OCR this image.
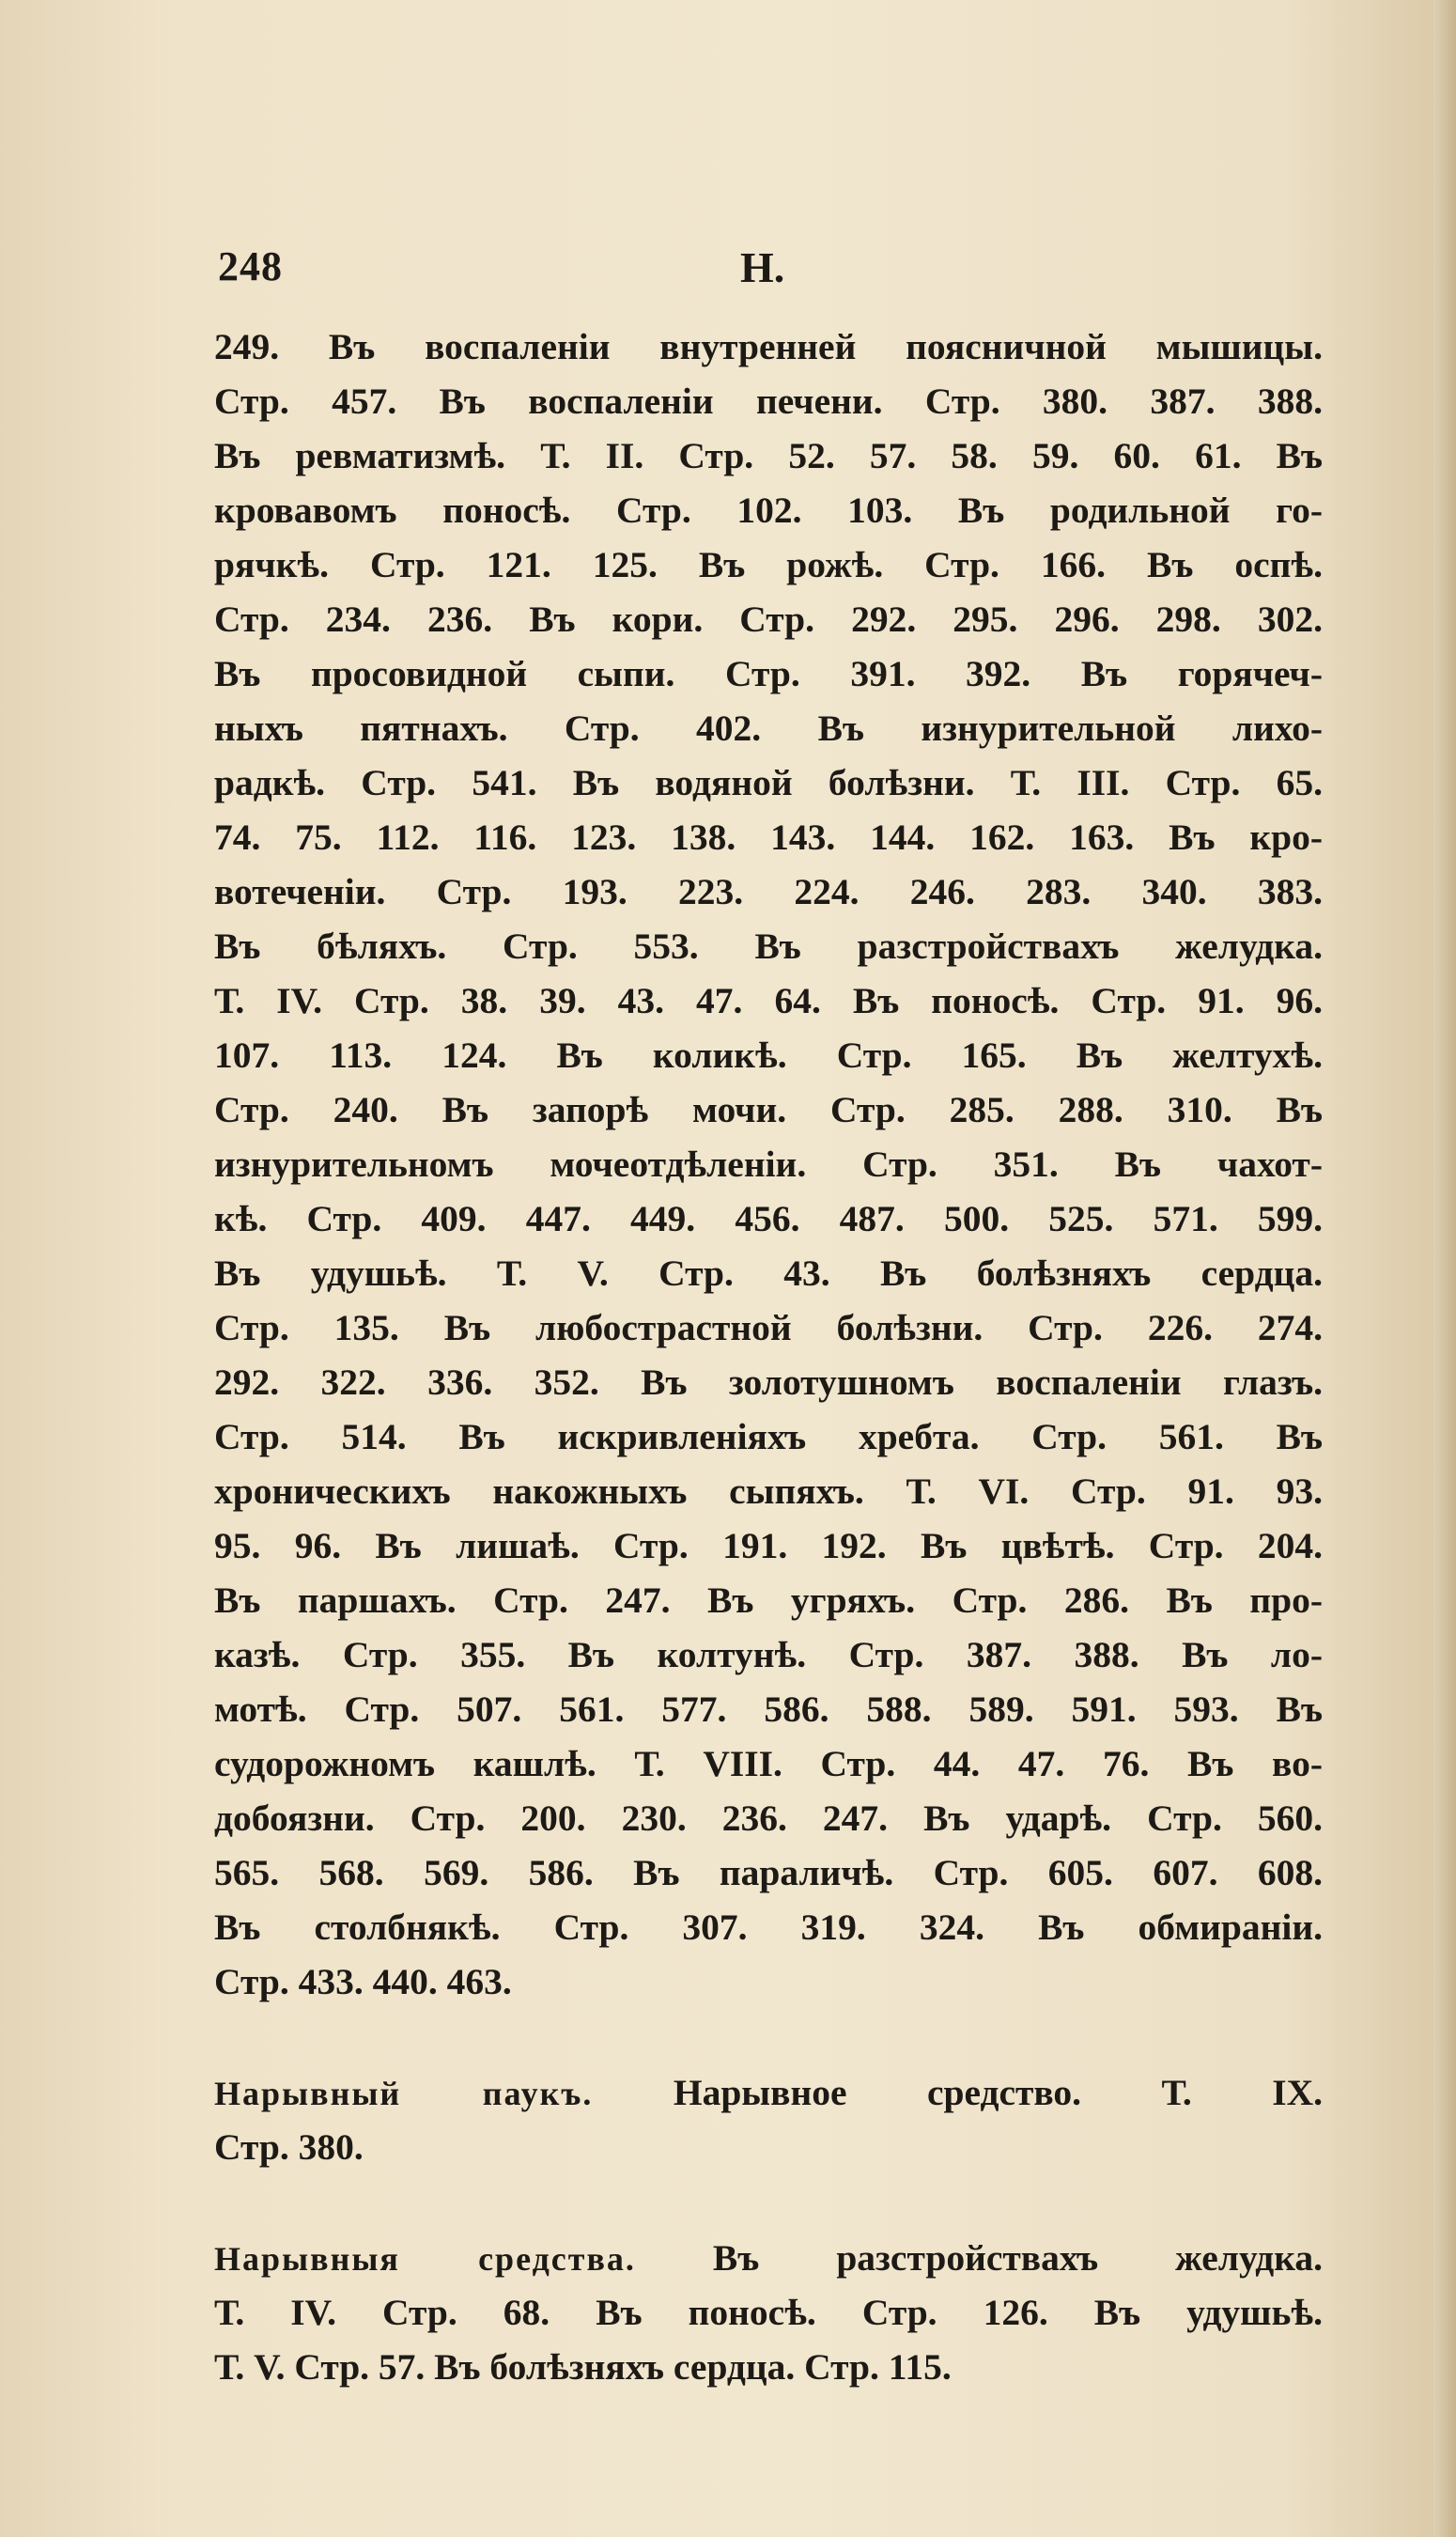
248	Н.
249. Въ воспаленіи внутренней поясничной мышицы.
Стр. 457. Въ воспаленіи печени. Стр. 380. 387. 388.
Въ ревматизмѣ. Т. II. Стр. 52. 57. 58. 59. 60. 61. Въ
кровавомъ поносѣ. Стр. 102. 103. Въ родильной го-
рячкѣ. Стр. 121. 125. Въ рожѣ. Стр. 166. Въ оспѣ.
Стр. 234. 236. Въ кори. Стр. 292. 295. 296. 298. 302.
Въ просовидной сыпи. Стр. 391. 392. Въ горячеч-
ныхъ пятнахъ. Стр. 402. Въ изнурительной лихо-
радкѣ. Стр. 541. Въ водяной болѣзни. Т. III. Стр. 65.
74. 75. 112. 116. 123. 138. 143. 144. 162. 163. Въ кро-
вотеченіи. Стр. 193. 223. 224. 246. 283. 340. 383.
Въ бѣляхъ. Стр. 553. Въ разстройствахъ желудка.
Т. IV. Стр. 38. 39. 43. 47. 64. Въ поносѣ. Стр. 91. 96.
107. 113. 124. Въ коликѣ. Стр. 165. Въ желтухѣ.
Стр. 240. Въ запорѣ мочи. Стр. 285. 288. 310. Въ
изнурительномъ мочеотдѣленіи. Стр. 351. Въ чахот-
кѣ. Стр. 409. 447. 449. 456. 487. 500. 525. 571. 599.
Въ удушьѣ. Т. V. Стр. 43. Въ болѣзняхъ сердца.
Стр. 135. Въ любострастной болѣзни. Стр. 226. 274.
292. 322. 336. 352. Въ золотушномъ воспаленіи глазъ.
Стр. 514. Въ искривленіяхъ хребта. Стр. 561. Въ
хроническихъ накожныхъ сыпяхъ. Т. VI. Стр. 91. 93.
95. 96. Въ лишаѣ. Стр. 191. 192. Въ цвѣтѣ. Стр. 204.
Въ паршахъ. Стр. 247. Въ угряхъ. Стр. 286. Въ про-
казѣ. Стр. 355. Въ колтунѣ. Стр. 387. 388. Въ ло-
мотѣ. Стр. 507. 561. 577. 586. 588. 589. 591. 593. Въ
судорожномъ кашлѣ. Т. VIII. Стр. 44. 47. 76. Въ во-
добоязни. Стр. 200. 230. 236. 247. Въ ударѣ. Стр. 560.
565. 568. 569. 586. Въ параличѣ. Стр. 605. 607. 608.
Въ столбнякѣ. Стр. 307. 319. 324. Въ обмираніи.
Стр. 433. 440. 463.
Нарывный паукъ. Нарывное средство. Т. IX.
Стр. 380.
Нарывныя средства. Въ разстройствахъ желудка.
Т. IV. Стр. 68. Въ поносѣ. Стр. 126. Въ удушьѣ.
Т. V. Стр. 57. Въ болѣзняхъ сердца. Стр. 115.
